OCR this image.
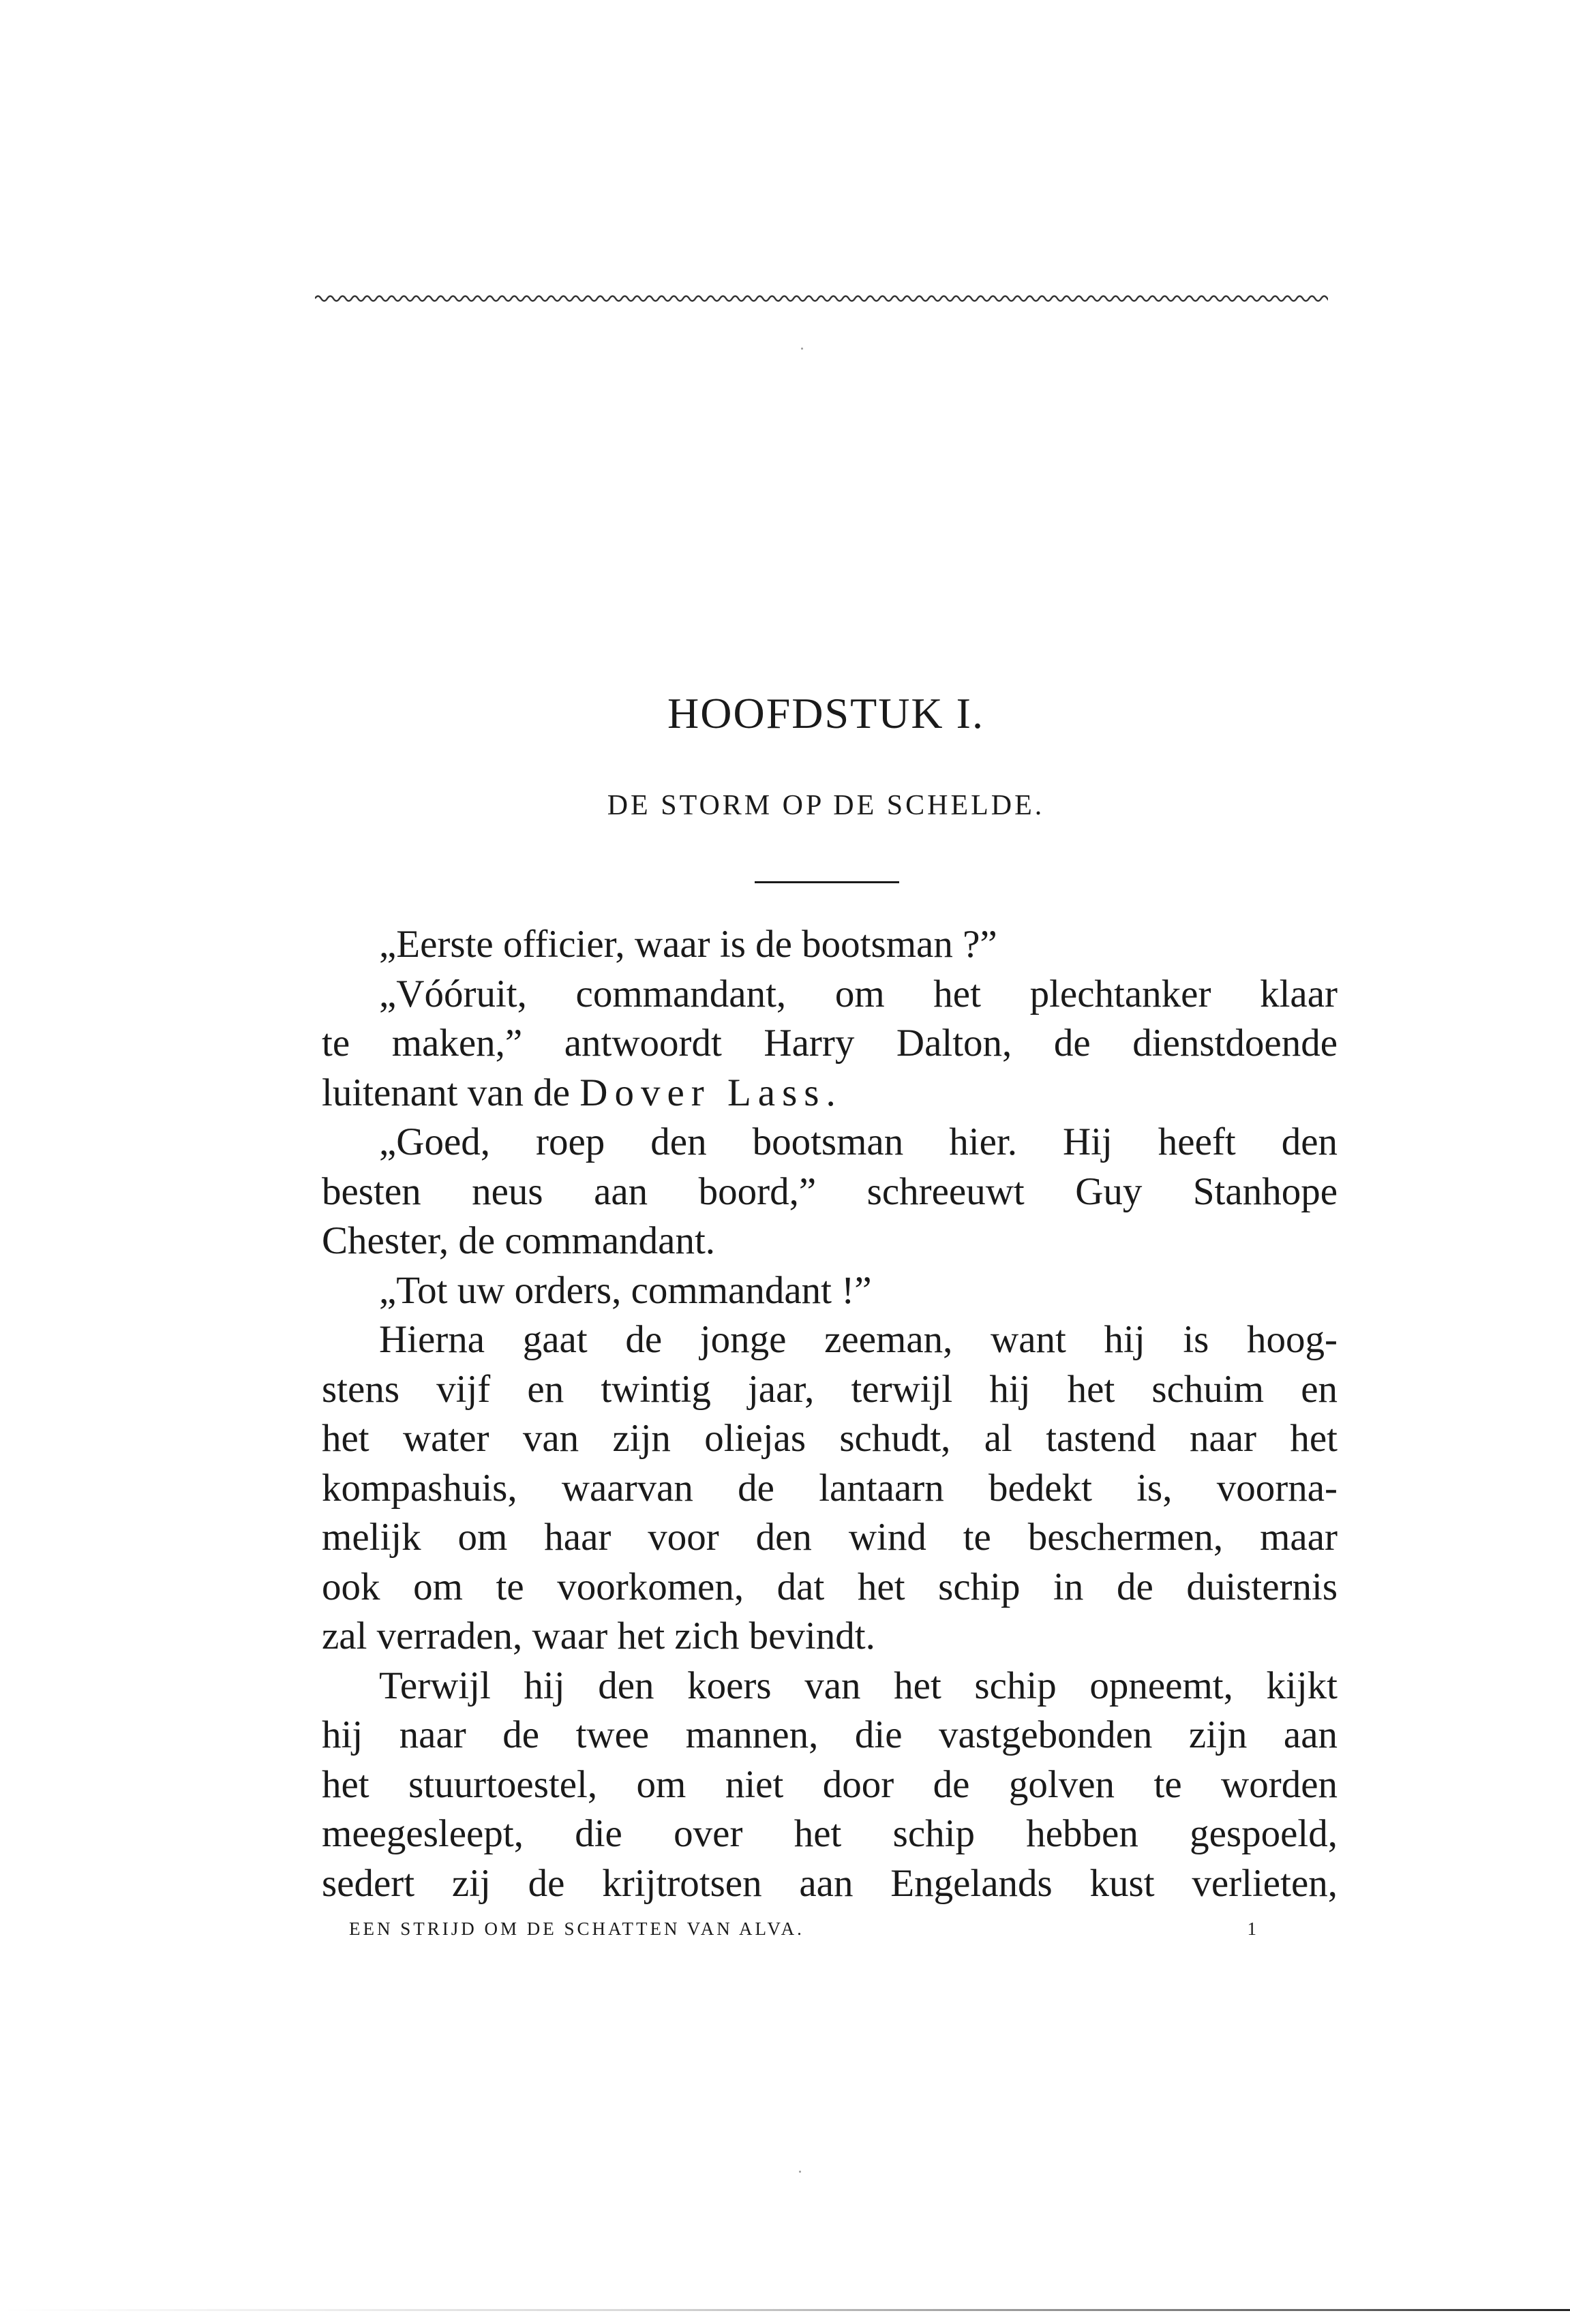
HOOFDSTUK I.
DE STORM OP DE SCHELDE.
„Eerste officier, waar is de bootsman ?”
„Vóóruit, commandant, om het plechtanker klaar
te maken,” antwoordt Harry Dalton, de dienstdoende
luitenant van de Dover Lass.
„Goed, roep den bootsman hier. Hij heeft den
besten neus aan boord,” schreeuwt Guy Stanhope
Chester, de commandant.
„Tot uw orders, commandant !”
Hierna gaat de jonge zeeman, want hij is hoog-
stens vijf en twintig jaar, terwijl hij het schuim en
het water van zijn oliejas schudt, al tastend naar het
kompashuis, waarvan de lantaarn bedekt is, voorna-
melijk om haar voor den wind te beschermen, maar
ook om te voorkomen, dat het schip in de duisternis
zal verraden, waar het zich bevindt.
Terwijl hij den koers van het schip opneemt, kijkt
hij naar de twee mannen, die vastgebonden zijn aan
het stuurtoestel, om niet door de golven te worden
meegesleept, die over het schip hebben gespoeld,
sedert zij de krijtrotsen aan Engelands kust verlieten,
EEN STRIJD OM DE SCHATTEN VAN ALVA.	1
